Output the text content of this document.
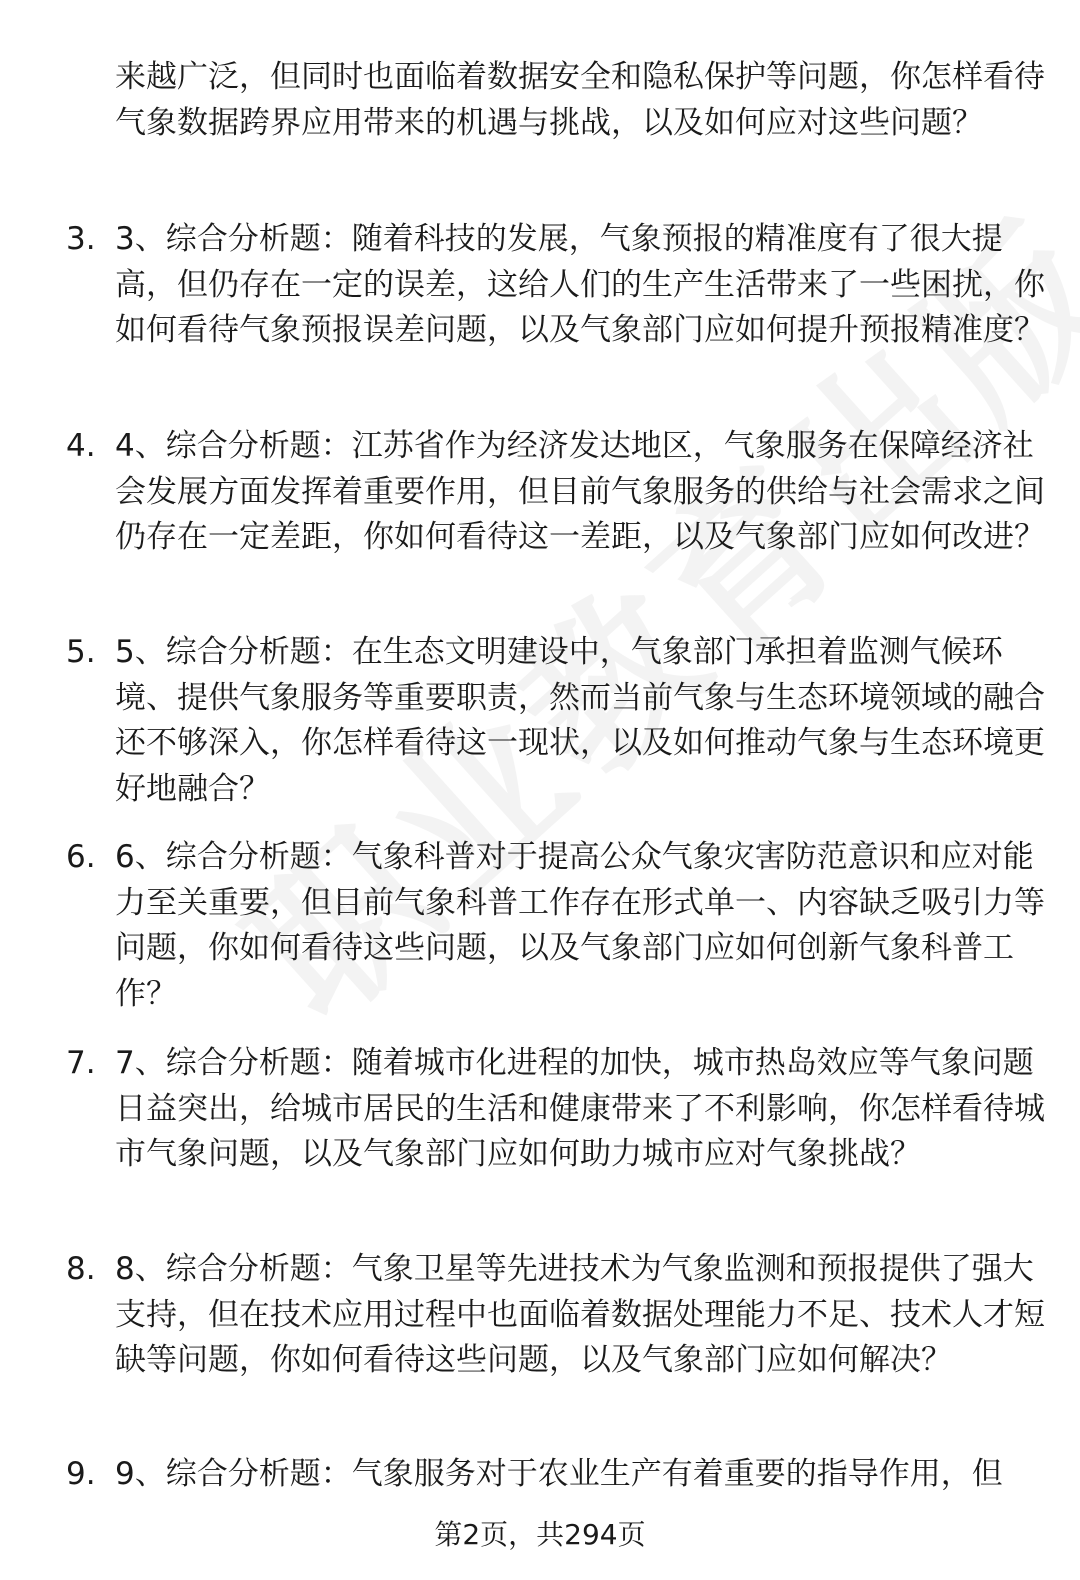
来越广泛，但同时也面临着数据安全和隐私保护等问题，你怎样看待气象数据跨界应用带来的机遇与挑战，以及如何应对这些问题？
3. 3、综合分析题：随着科技的发展，气象预报的精准度有了很大提高，但仍存在一定的误差，这给人们的生产生活带来了一些困扰，你如何看待气象预报误差问题，以及气象部门应如何提升预报精准度？
4. 4、综合分析题：江苏省作为经济发达地区，气象服务在保障经济社会发展方面发挥着重要作用，但目前气象服务的供给与社会需求之间仍存在一定差距，你如何看待这一差距，以及气象部门应如何改进？
5. 5、综合分析题：在生态文明建设中，气象部门承担着监测气候环境、提供气象服务等重要职责，然而当前气象与生态环境领域的融合还不够深入，你怎样看待这一现状，以及如何推动气象与生态环境更好地融合？
6. 6、综合分析题：气象科普对于提高公众气象灾害防范意识和应对能力至关重要，但目前气象科普工作存在形式单一、内容缺乏吸引力等问题，你如何看待这些问题，以及气象部门应如何创新气象科普工作？
7. 7、综合分析题：随着城市化进程的加快，城市热岛效应等气象问题日益突出，给城市居民的生活和健康带来了不利影响，你怎样看待城市气象问题，以及气象部门应如何助力城市应对气象挑战？
8. 8、综合分析题：气象卫星等先进技术为气象监测和预报提供了强大支持，但在技术应用过程中也面临着数据处理能力不足、技术人才短缺等问题，你如何看待这些问题，以及气象部门应如何解决？
9. 9、综合分析题：气象服务对于农业生产有着重要的指导作用，但
第2页，共294页
